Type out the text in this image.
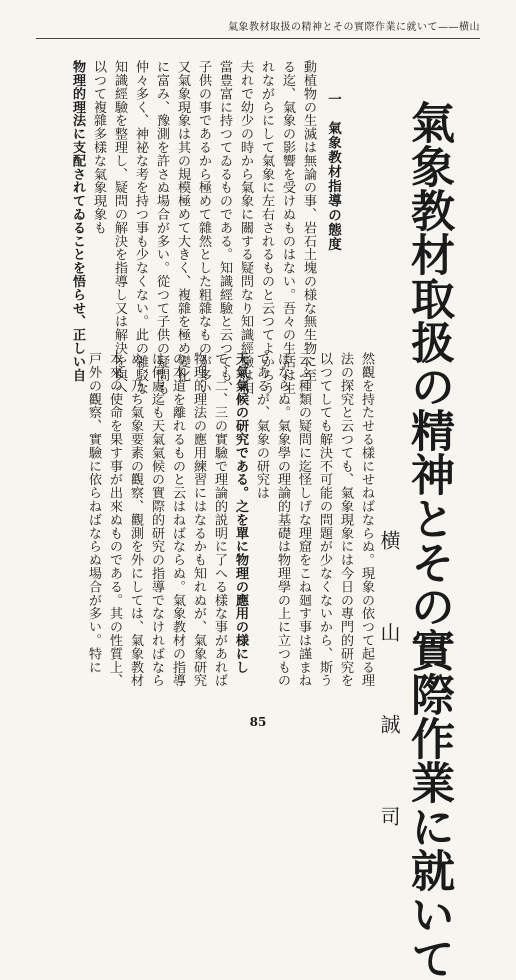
氣象教材取扱の精神とその實際作業に就いて——横山
氣象教材取扱の精神とその實際作業に就いて
横 山 誠 司
一　氣象教材指導の態度
動植物の生滅は無論の事、岩石土塊の様な無生物に至
る迄、氣象の影響を受けぬものはない。吾々の生活は生
れながらにして氣象に左右されるものと云つてよからう
夫れで幼少の時から氣象に關する疑問なり知識經驗は相
當豊富に持つてゐるものである。知識經驗と云つても、
子供の事であるから極めて雜然とした粗雜なものが多い
又氣象現象は其の規模極めて大きく、複雜を極め變化
に富み、豫測を許さぬ場合が多い。從つて子供の疑問も
仲々多く、神祕な考を持つ事も少なくない。此の雜駁な
知識經驗を整理し、疑問の解決を指導し又は解決を與へ
以つて複雜多樣な氣象現象も
物理的理法に支配されてゐることを悟らせ、正しい自
然觀を持たせる樣にせねばならぬ。現象の依つて起る理
法の探究と云つても、氣象現象には今日の專門的研究を
以つてしても解決不可能の問題が少なくないから、斯う
云ふ種類の疑問に迄怪しげな理窟をこね廻す事は謹まね
ばならぬ。氣象學の理論的基礎は物理學の上に立つもの
であるが、氣象の研究は
天氣氣候の研究である。之を單に物理の應用の様にし
て、二、三の實驗で理論的説明に了へる樣な事があれば
物理的理法の應用練習にはなるかも知れぬが、氣象研究
の本道を離れるものと云はねばならぬ。氣象教材の指導
は何處迄も天氣氣候の實際的研究の指導でなければなら
ぬ。乃ち氣象要素の觀察、觀測を外にしては、氣象教材
本來の使命を果す事が出來ぬものである。其の性質上、
戸外の觀察、實驗に依らねばならぬ場合が多い。特に
85
